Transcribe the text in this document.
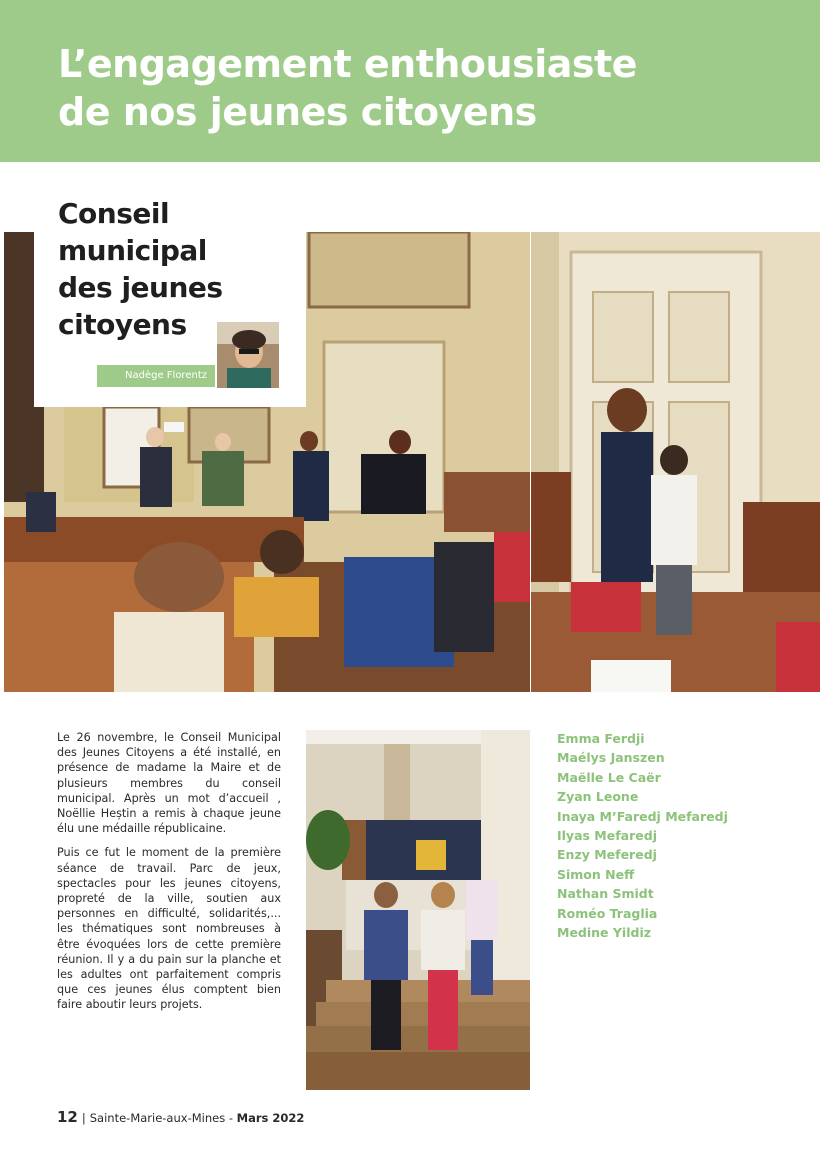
L’engagement enthousiaste
de nos jeunes citoyens
Conseil
municipal
des jeunes
citoyens
Nadège Florentz

Le 26 novembre, le Conseil Municipal des Jeunes Citoyens a été installé, en présence de madame la Maire et de plusieurs membres du conseil municipal. Après un mot d’accueil , Noëllie Heștin a remis à chaque jeune élu une médaille républicaine.

Puis ce fut le moment de la première séance de travail. Parc de jeux, spectacles pour les jeunes citoyens, propreté de la ville, soutien aux personnes en difficulté, solidarités,... les thématiques sont nombreuses à être évoquées lors de cette première réunion. Il y a du pain sur la planche et les adultes ont parfaitement compris que ces jeunes élus comptent bien faire aboutir leurs projets.

Emma Ferdji
Maélys Janszen
Maëlle Le Caër
Zyan Leone
Inaya M’Faredj Mefaredj
Ilyas Mefaredj
Enzy Meferedj
Simon Neff
Nathan Smidt
Roméo Traglia
Medine Yildiz
12 | Sainte-Marie-aux-Mines - Mars 2022
